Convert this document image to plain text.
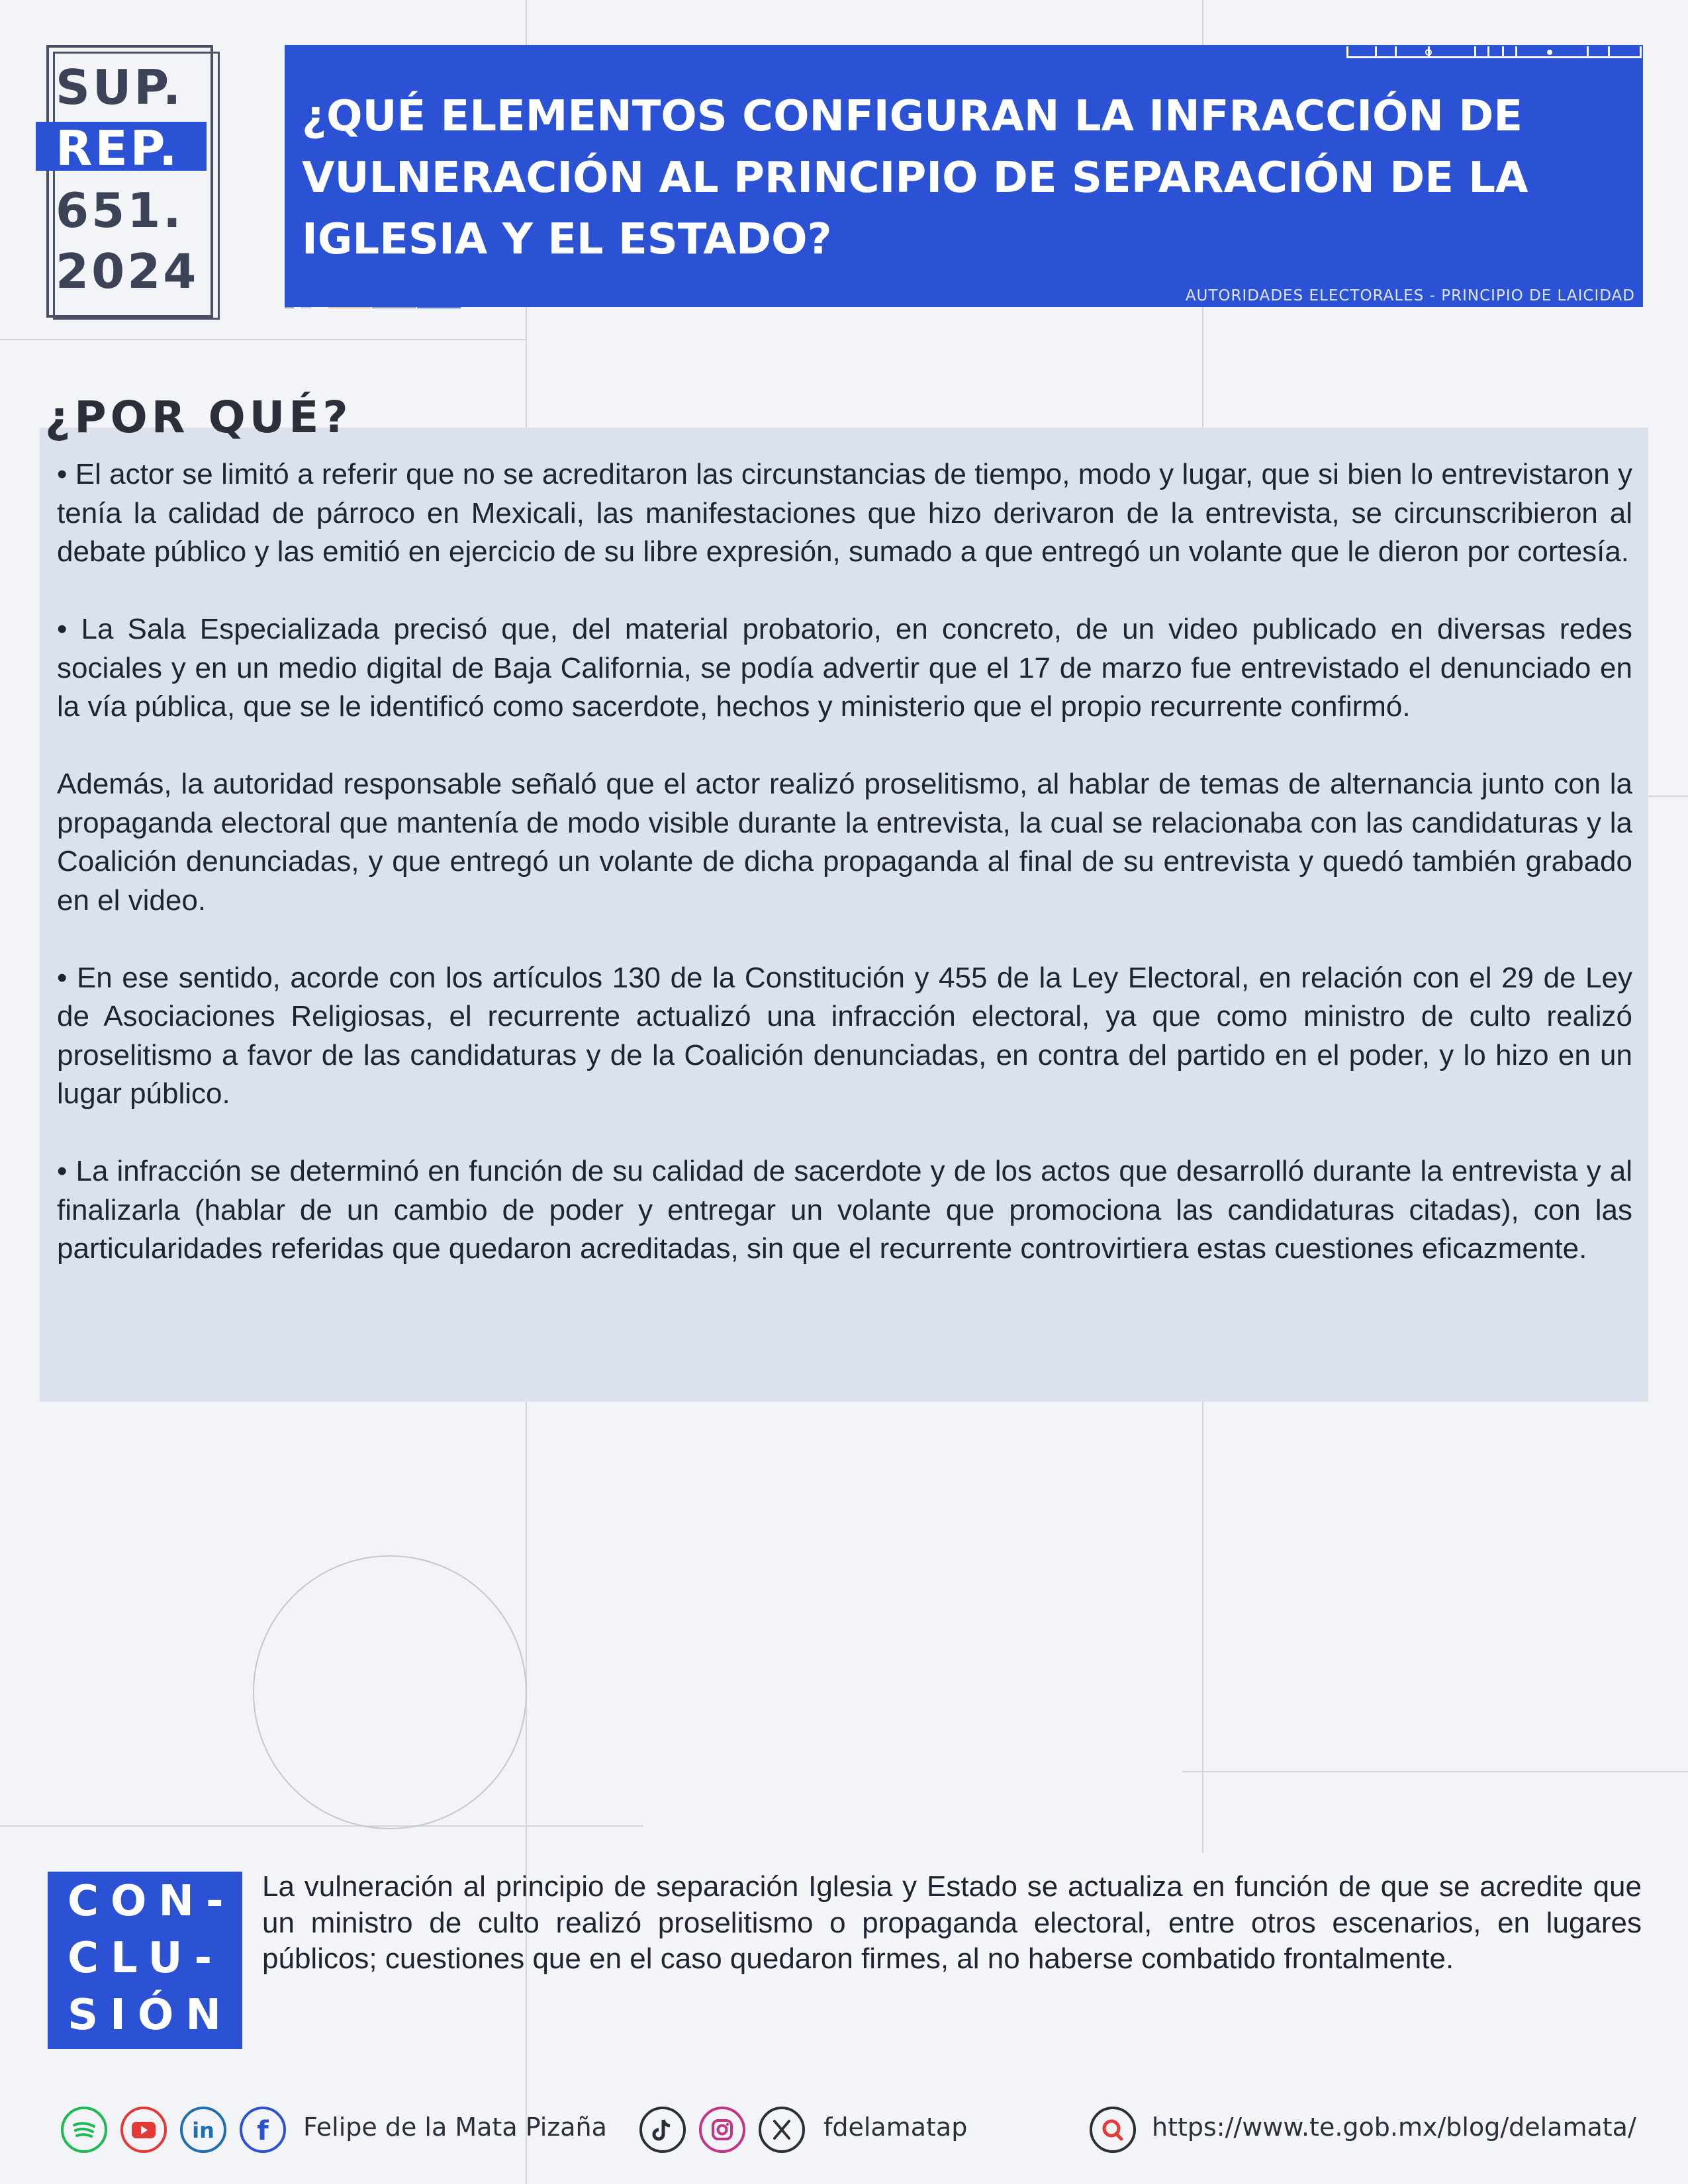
SUP.
REP.
651.
2024
¿QUÉ ELEMENTOS CONFIGURAN LA INFRACCIÓN DE VULNERACIÓN AL PRINCIPIO DE SEPARACIÓN DE LA IGLESIA Y EL ESTADO?
AUTORIDADES ELECTORALES - PRINCIPIO DE LAICIDAD
¿POR QUÉ?

• El actor se limitó a referir que no se acreditaron las circunstancias de tiempo, modo y lugar, que si bien lo entrevistaron y tenía la calidad de párroco en Mexicali, las manifestaciones que hizo derivaron de la entrevista, se circunscribieron al debate público y las emitió en ejercicio de su libre expresión, sumado a que entregó un volante que le dieron por cortesía.

• La Sala Especializada precisó que, del material probatorio, en concreto, de un video publicado en diversas redes sociales y en un medio digital de Baja California, se podía advertir que el 17 de marzo fue entrevistado el denunciado en la vía pública, que se le identificó como sacerdote, hechos y ministerio que el propio recurrente confirmó.

Además, la autoridad responsable señaló que el actor realizó proselitismo, al hablar de temas de alternancia junto con la propaganda electoral que mantenía de modo visible durante la entrevista, la cual se relacionaba con las candidaturas y la Coalición denunciadas, y que entregó un volante de dicha propaganda al final de su entrevista y quedó también grabado en el video.

• En ese sentido, acorde con los artículos 130 de la Constitución y 455 de la Ley Electoral, en relación con el 29 de Ley de Asociaciones Religiosas, el recurrente actualizó una infracción electoral, ya que como ministro de culto realizó proselitismo a favor de las candidaturas y de la Coalición denunciadas, en contra del partido en el poder, y lo hizo en un lugar público.

• La infracción se determinó en función de su calidad de sacerdote y de los actos que desarrolló durante la entrevista y al finalizarla (hablar de un cambio de poder y entregar un volante que promociona las candidaturas citadas), con las particularidades referidas que quedaron acreditadas, sin que el recurrente controvirtiera estas cuestiones eficazmente.

CON-
CLU-
SIÓN
La vulneración al principio de separación Iglesia y Estado se actualiza en función de que se acredite que un ministro de culto realizó proselitismo o propaganda electoral, entre otros escenarios, en lugares públicos; cuestiones que en el caso quedaron firmes, al no haberse combatido frontalmente.
in f Felipe de la Mata Pizaña	fdelamatap	https://www.te.gob.mx/blog/delamata/
